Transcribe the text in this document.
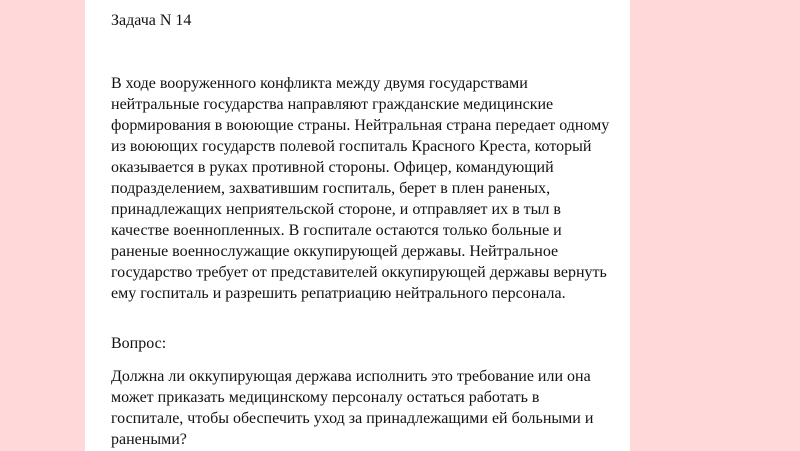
Задача N 14

В ходе вооруженного конфликта между двумя государствами нейтральные государства направляют гражданские медицинские формирования в воюющие страны. Нейтральная страна передает одному из воюющих государств полевой госпиталь Красного Креста, который оказывается в руках противной стороны. Офицер, командующий подразделением, захватившим госпиталь, берет в плен раненых, принадлежащих неприятельской стороне, и отправляет их в тыл в качестве военнопленных. В госпитале остаются только больные и раненые военнослужащие оккупирующей державы. Нейтральное государство требует от представителей оккупирующей державы вернуть ему госпиталь и разрешить репатриацию нейтрального персонала.

Вопрос:

Должна ли оккупирующая держава исполнить это требование или она может приказать медицинскому персоналу остаться работать в госпитале, чтобы обеспечить уход за принадлежащими ей больными и ранеными?
